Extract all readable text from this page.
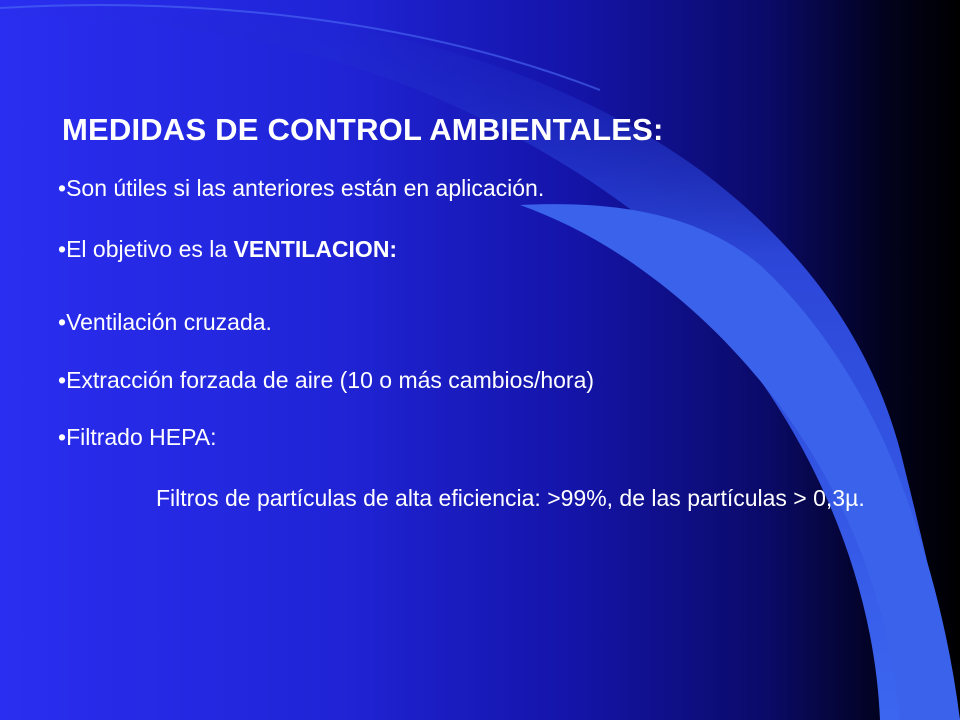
MEDIDAS DE CONTROL AMBIENTALES:
•Son útiles si las anteriores están en aplicación.
•El objetivo es la VENTILACION:
•Ventilación cruzada.
•Extracción forzada de aire (10 o más cambios/hora)
•Filtrado HEPA:
Filtros de partículas de alta eficiencia: >99%, de las partículas > 0,3µ.
